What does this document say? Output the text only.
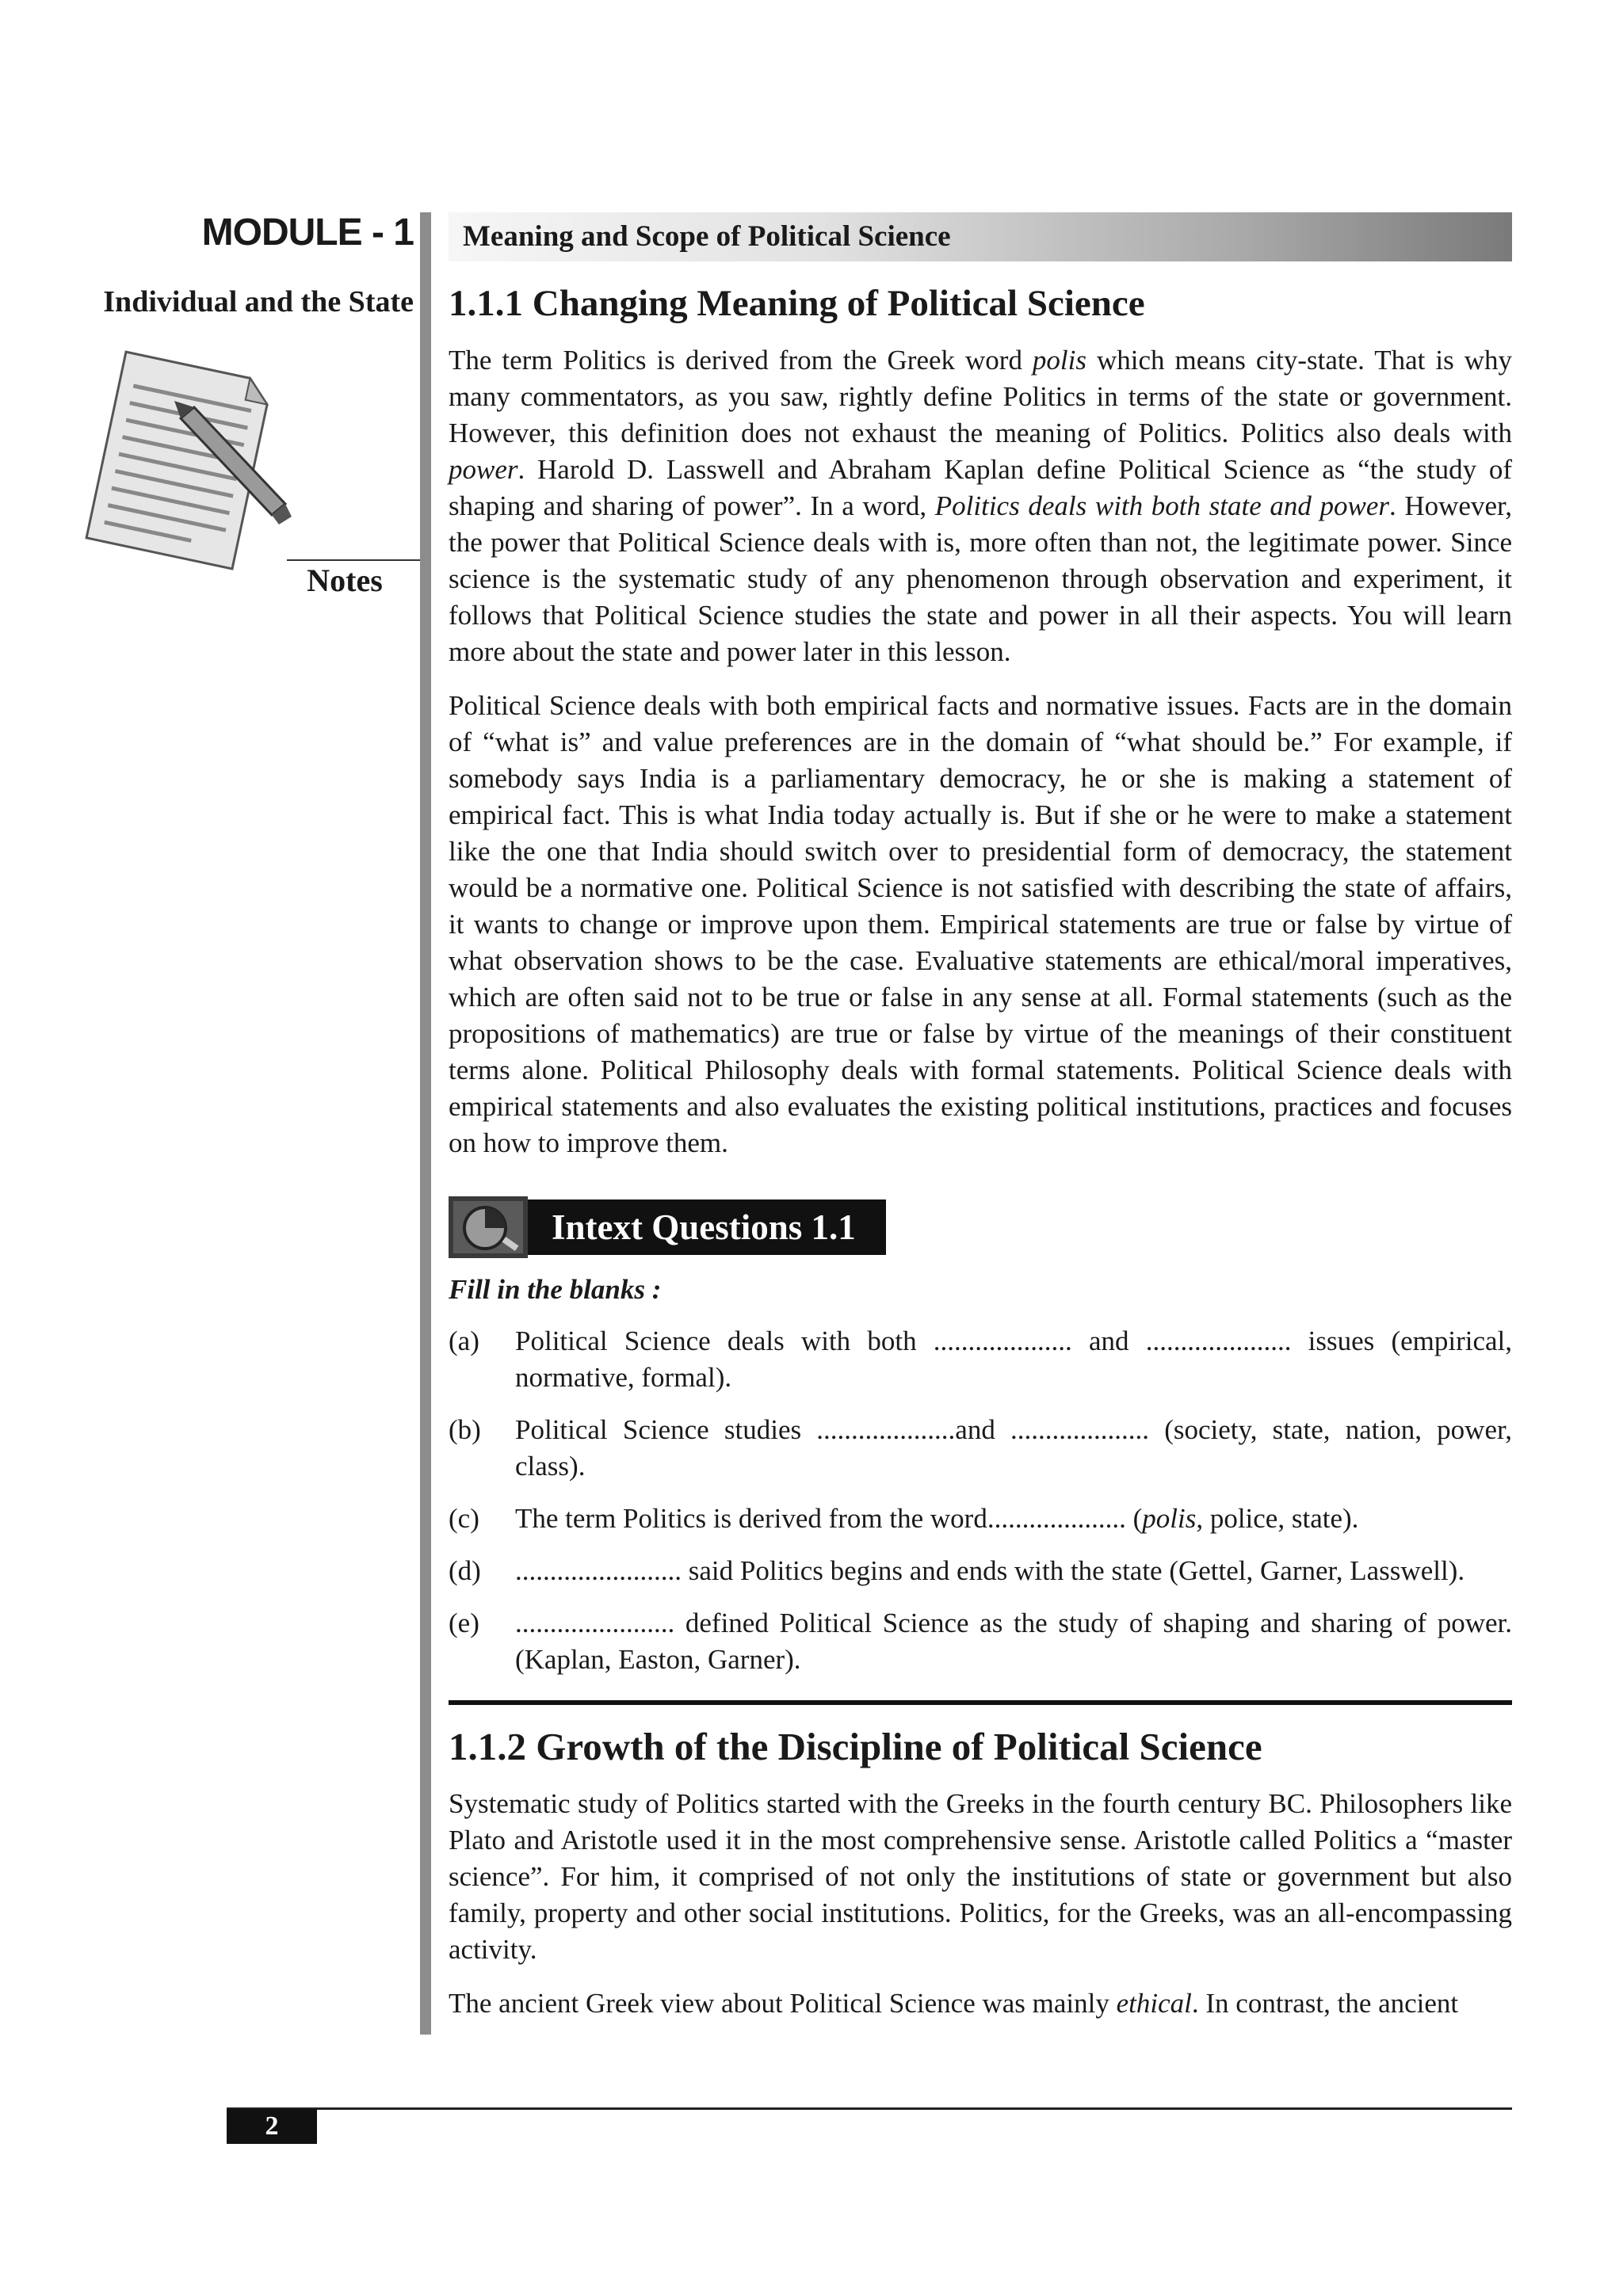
MODULE - 1
Individual and the State
Notes
Meaning and Scope of Political Science
1.1.1 Changing Meaning of Political Science

The term Politics is derived from the Greek word polis which means city-state. That is why many commentators, as you saw, rightly define Politics in terms of the state or government. However, this definition does not exhaust the meaning of Politics. Politics also deals with power. Harold D. Lasswell and Abraham Kaplan define Political Science as “the study of shaping and sharing of power”. In a word, Politics deals with both state and power. However, the power that Political Science deals with is, more often than not, the legitimate power. Since science is the systematic study of any phenomenon through observation and experiment, it follows that Political Science studies the state and power in all their aspects. You will learn more about the state and power later in this lesson.

Political Science deals with both empirical facts and normative issues. Facts are in the domain of “what is” and value preferences are in the domain of “what should be.” For example, if somebody says India is a parliamentary democracy, he or she is making a statement of empirical fact. This is what India today actually is. But if she or he were to make a statement like the one that India should switch over to presidential form of democracy, the statement would be a normative one. Political Science is not satisfied with describing the state of affairs, it wants to change or improve upon them. Empirical statements are true or false by virtue of what observation shows to be the case. Evaluative statements are ethical/moral imperatives, which are often said not to be true or false in any sense at all. Formal statements (such as the propositions of mathematics) are true or false by virtue of the meanings of their constituent terms alone. Political Philosophy deals with formal statements. Political Science deals with empirical statements and also evaluates the existing political institutions, practices and focuses on how to improve them.

Intext Questions 1.1
Fill in the blanks :
(a)	Political Science deals with both .................... and ..................... issues (empirical, normative, formal).
(b)	Political Science studies ....................and .................... (society, state, nation, power, class).
(c)	The term Politics is derived from the word.................... (polis, police, state).
(d)	........................ said Politics begins and ends with the state (Gettel, Garner, Lasswell).
(e)	....................... defined Political Science as the study of shaping and sharing of power. (Kaplan, Easton, Garner).
1.1.2 Growth of the Discipline of Political Science

Systematic study of Politics started with the Greeks in the fourth century BC. Philosophers like Plato and Aristotle used it in the most comprehensive sense. Aristotle called Politics a “master science”. For him, it comprised of not only the institutions of state or government but also family, property and other social institutions. Politics, for the Greeks, was an all-encompassing activity.

The ancient Greek view about Political Science was mainly ethical. In contrast, the ancient

2
